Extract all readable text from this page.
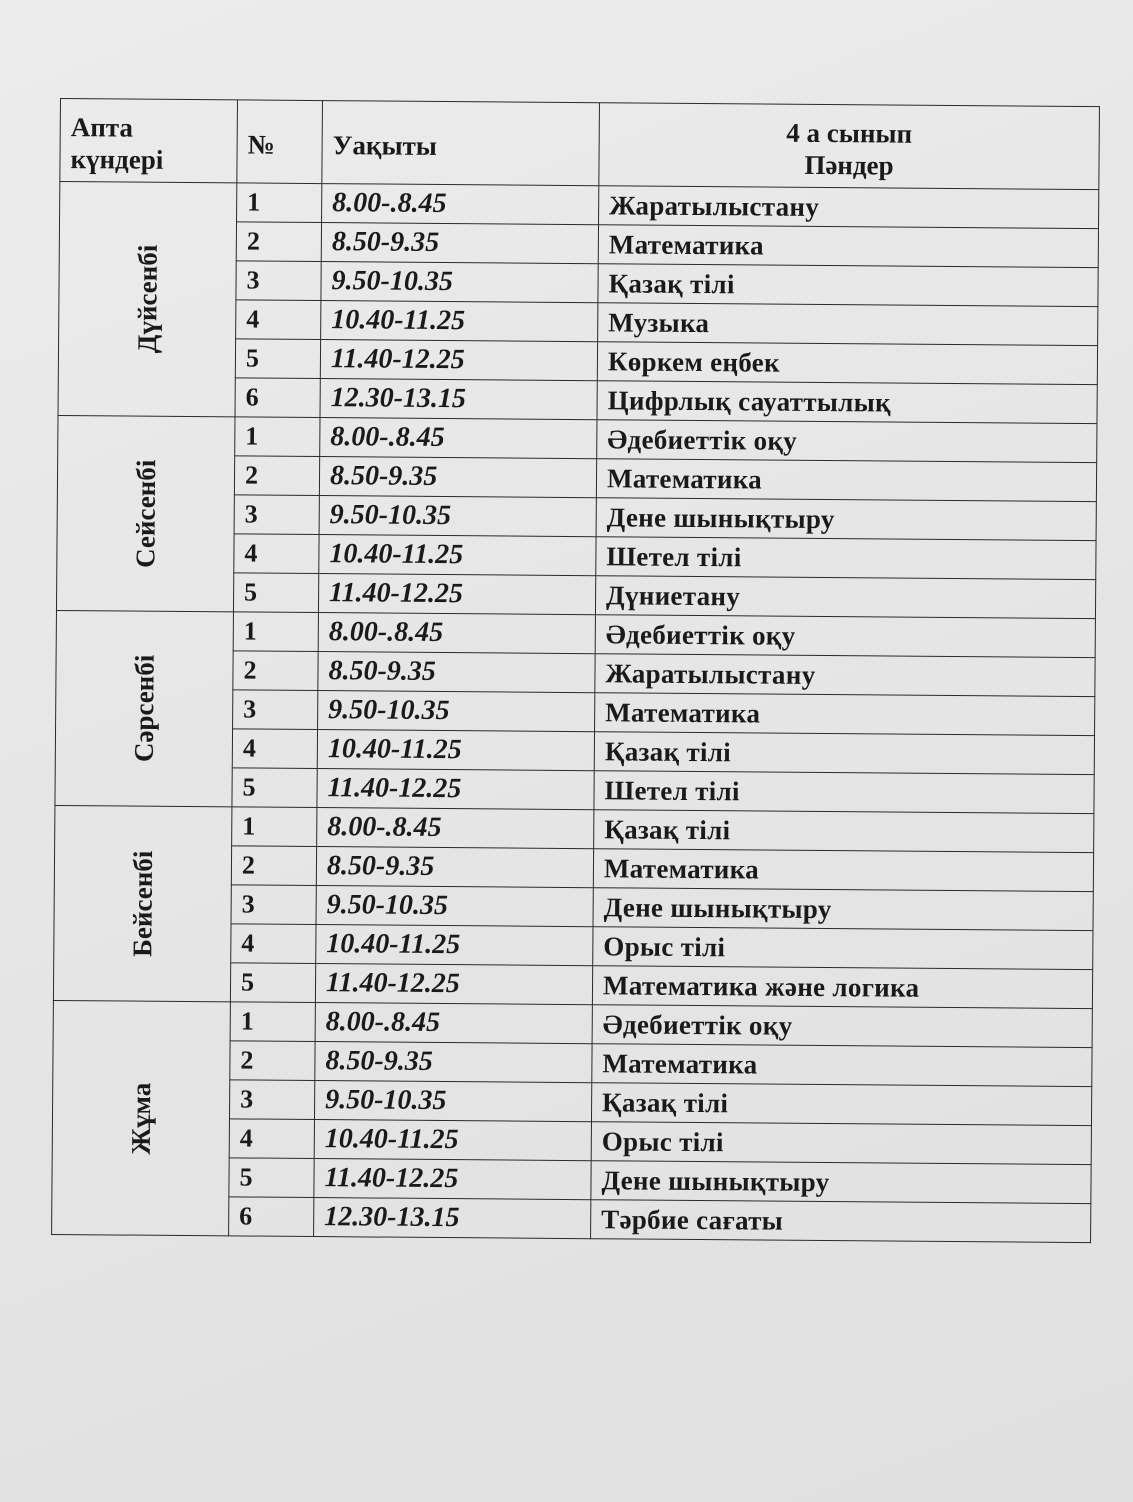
Апта
күндері	№	Уақыты	4 а сынып
Пәндер

Дүйсенбі	1	8.00-.8.45	Жаратылыстану
	2	8.50-9.35	Математика
	3	9.50-10.35	Қазақ тілі
	4	10.40-11.25	Музыка
	5	11.40-12.25	Көркем еңбек
	6	12.30-13.15	Цифрлық сауаттылық

Сейсенбі	1	8.00-.8.45	Әдебиеттік оқу
	2	8.50-9.35	Математика
	3	9.50-10.35	Дене шынықтыру
	4	10.40-11.25	Шетел тілі
	5	11.40-12.25	Дүниетану

Сәрсенбі	1	8.00-.8.45	Әдебиеттік оқу
	2	8.50-9.35	Жаратылыстану
	3	9.50-10.35	Математика
	4	10.40-11.25	Қазақ тілі
	5	11.40-12.25	Шетел тілі

Бейсенбі	1	8.00-.8.45	Қазақ тілі
	2	8.50-9.35	Математика
	3	9.50-10.35	Дене шынықтыру
	4	10.40-11.25	Орыс тілі
	5	11.40-12.25	Математика және логика

Жұма	1	8.00-.8.45	Әдебиеттік оқу
	2	8.50-9.35	Математика
	3	9.50-10.35	Қазақ тілі
	4	10.40-11.25	Орыс тілі
	5	11.40-12.25	Дене шынықтыру
	6	12.30-13.15	Тәрбие сағаты
